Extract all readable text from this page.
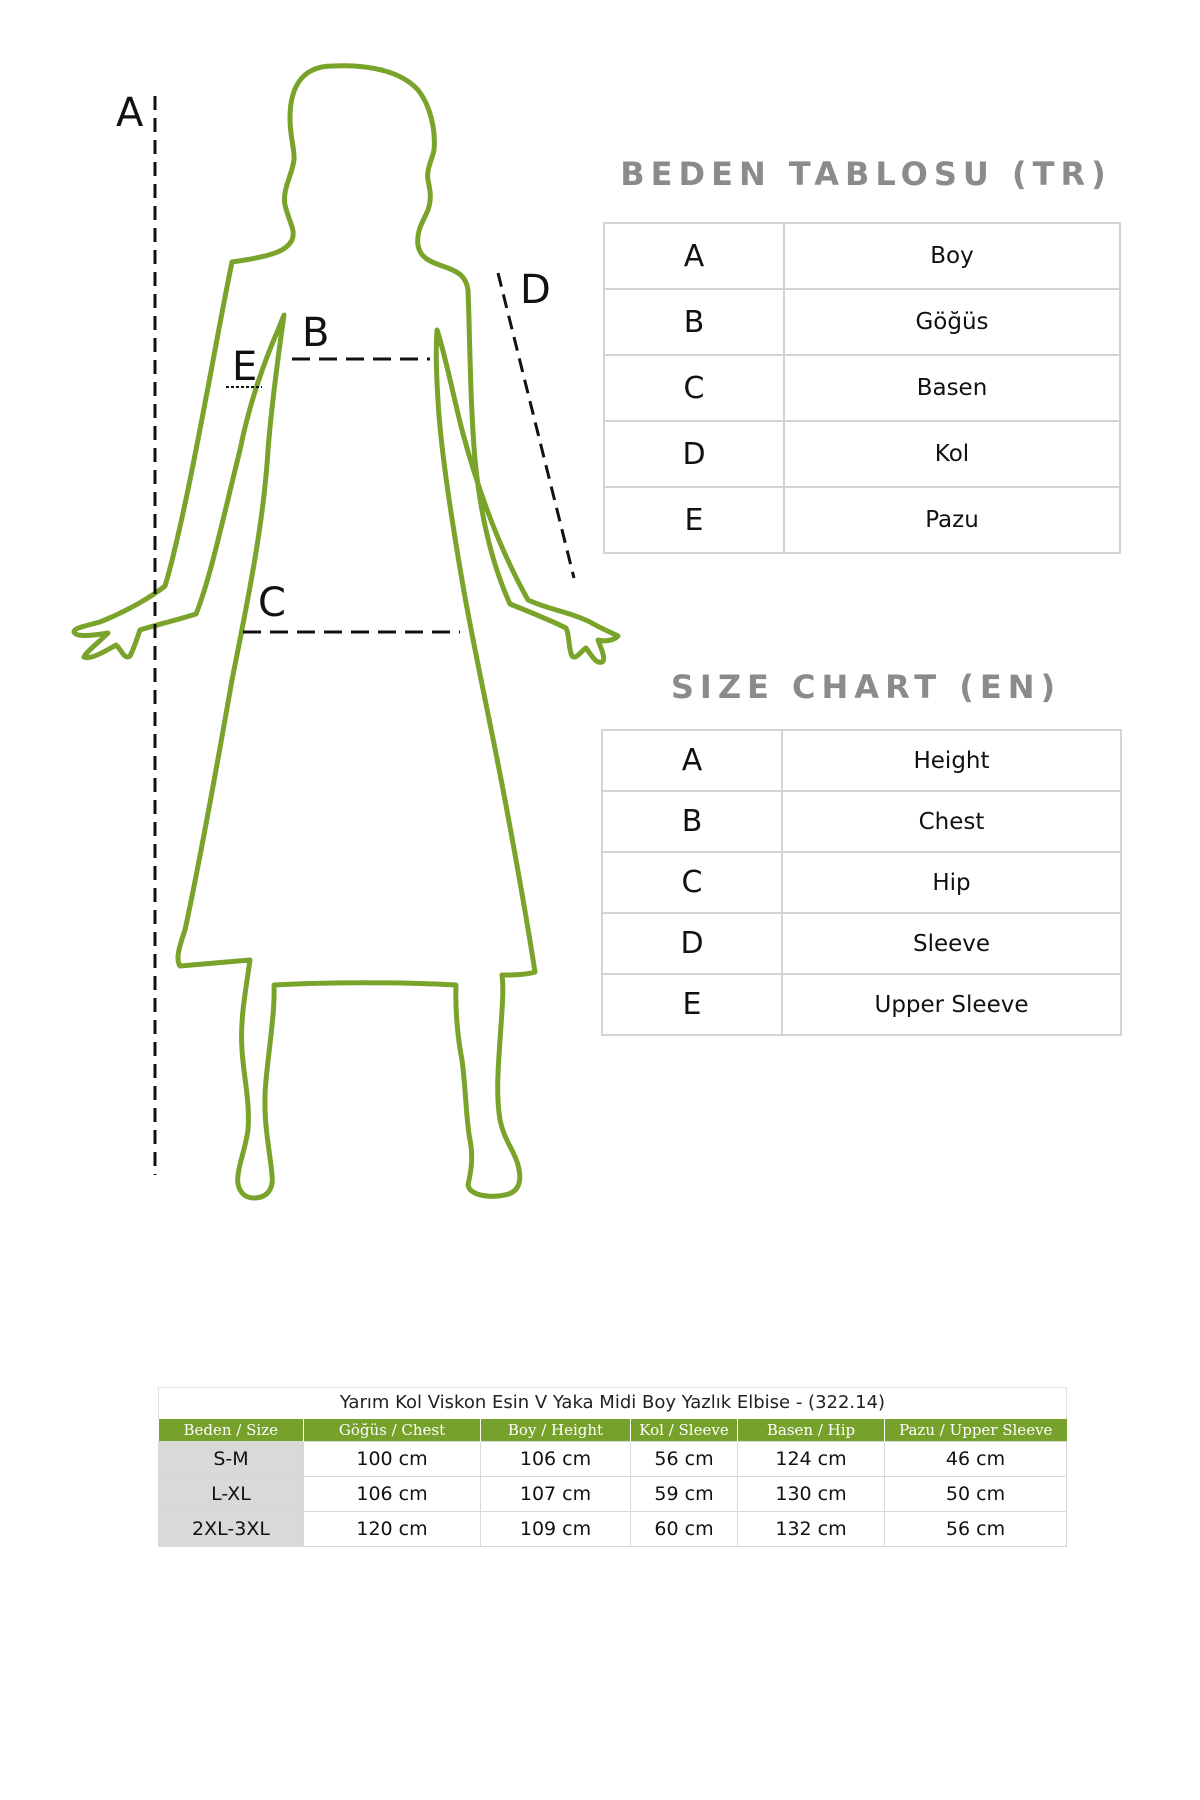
A
B
C
D
E
BEDEN TABLOSU (TR)
A	Boy
B	Göğüs
C	Basen
D	Kol
E	Pazu
SIZE CHART (EN)
A	Height
B	Chest
C	Hip
D	Sleeve
E	Upper Sleeve
Yarım Kol Viskon Esin V Yaka Midi Boy Yazlık Elbise - (322.14)
Beden / Size	Göğüs / Chest	Boy / Height	Kol / Sleeve	Basen / Hip	Pazu / Upper Sleeve
S-M	100 cm	106 cm	56 cm	124 cm	46 cm
L-XL	106 cm	107 cm	59 cm	130 cm	50 cm
2XL-3XL	120 cm	109 cm	60 cm	132 cm	56 cm
